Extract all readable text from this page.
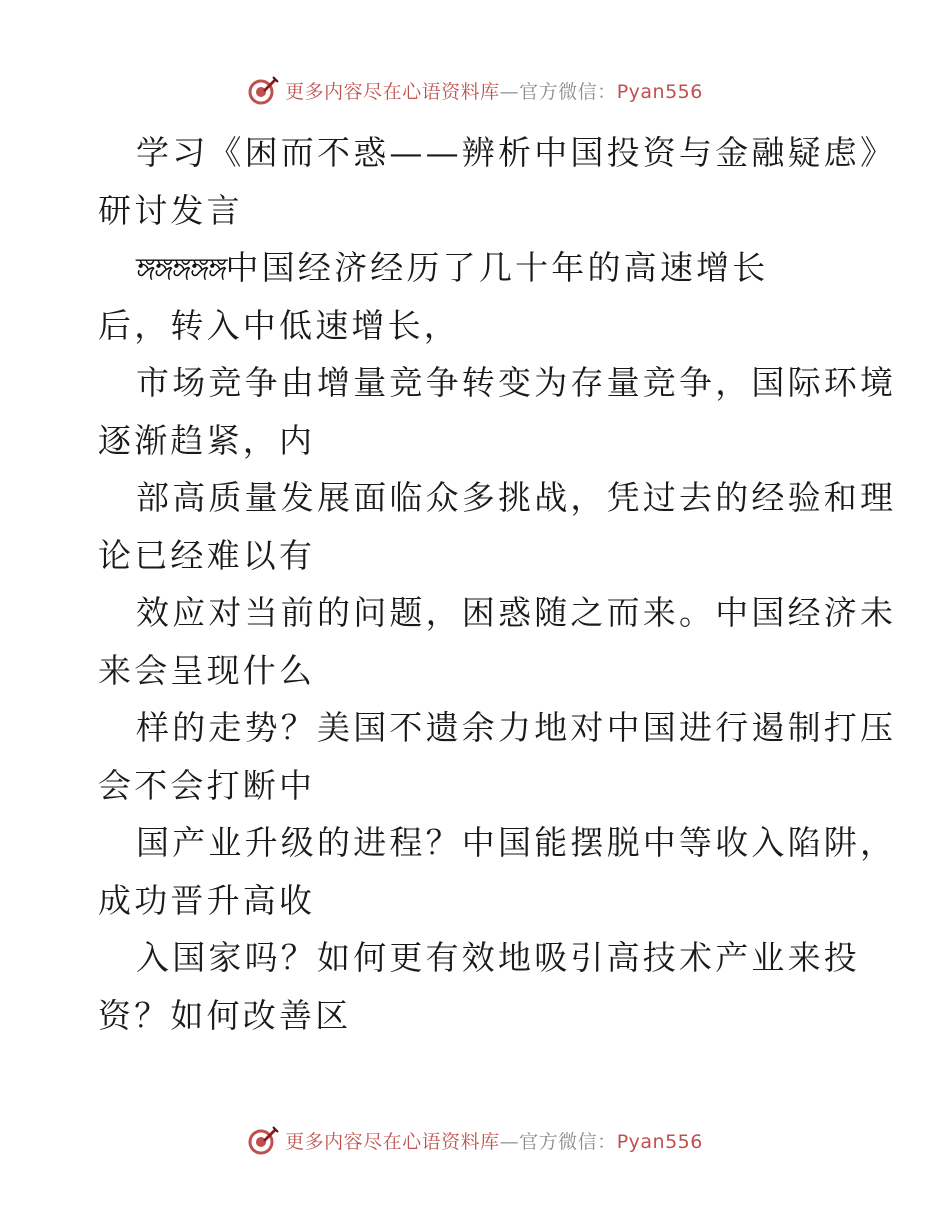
更多内容尽在心语资料库—官方微信：Pyan556
学习《困而不惑——辨析中国投资与金融疑虑》
研讨发言
ঙ্গঙ্গঙ্গঙ্গঙ্গ中国经济经历了几十年的高速增长
后，转入中低速增长，
市场竞争由增量竞争转变为存量竞争，国际环境
逐渐趋紧，内
部高质量发展面临众多挑战，凭过去的经验和理
论已经难以有
效应对当前的问题，困惑随之而来。中国经济未
来会呈现什么
样的走势？美国不遗余力地对中国进行遏制打压
会不会打断中
国产业升级的进程？中国能摆脱中等收入陷阱，
成功晋升高收
入国家吗？如何更有效地吸引高技术产业来投
资？如何改善区
更多内容尽在心语资料库—官方微信：Pyan556
